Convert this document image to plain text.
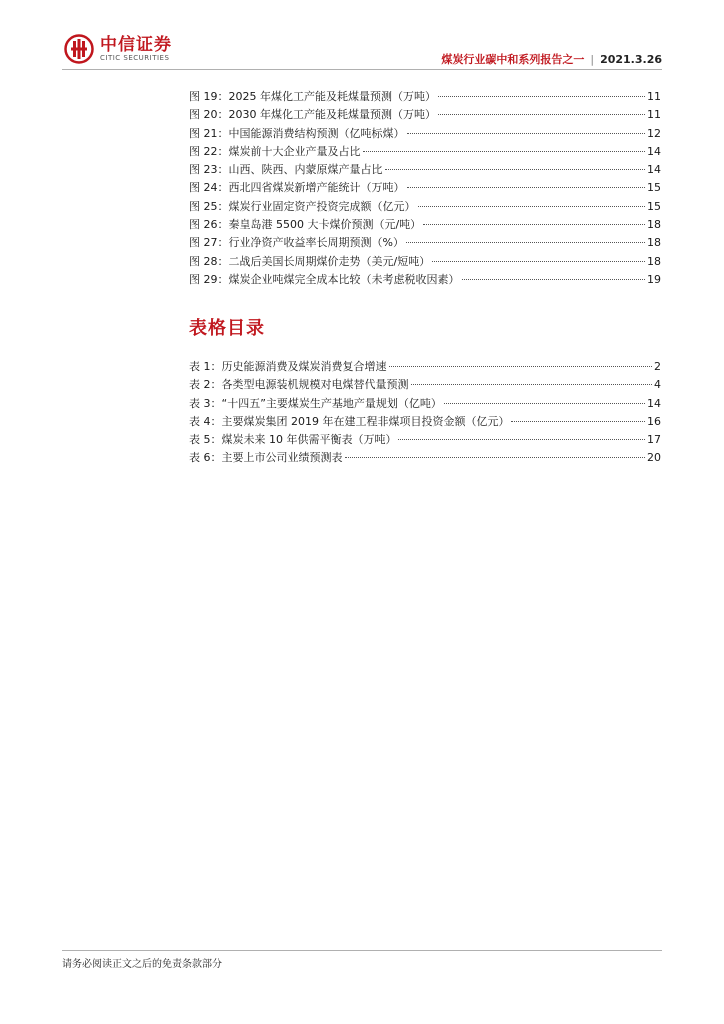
中信证券
CITIC SECURITIES	煤炭行业碳中和系列报告之一 | 2021.3.26
图 19：2025 年煤化工产能及耗煤量预测（万吨）	11
图 20：2030 年煤化工产能及耗煤量预测（万吨）	11
图 21：中国能源消费结构预测（亿吨标煤）	12
图 22：煤炭前十大企业产量及占比	14
图 23：山西、陕西、内蒙原煤产量占比	14
图 24：西北四省煤炭新增产能统计（万吨）	15
图 25：煤炭行业固定资产投资完成额（亿元）	15
图 26：秦皇岛港 5500 大卡煤价预测（元/吨）	18
图 27：行业净资产收益率长周期预测（%）	18
图 28：二战后美国长周期煤价走势（美元/短吨）	18
图 29：煤炭企业吨煤完全成本比较（未考虑税收因素）	19
表格目录
表 1：历史能源消费及煤炭消费复合增速	2
表 2：各类型电源装机规模对电煤替代量预测	4
表 3：“十四五”主要煤炭生产基地产量规划（亿吨）	14
表 4：主要煤炭集团 2019 年在建工程非煤项目投资金额（亿元）	16
表 5：煤炭未来 10 年供需平衡表（万吨）	17
表 6：主要上市公司业绩预测表	20
请务必阅读正文之后的免责条款部分
